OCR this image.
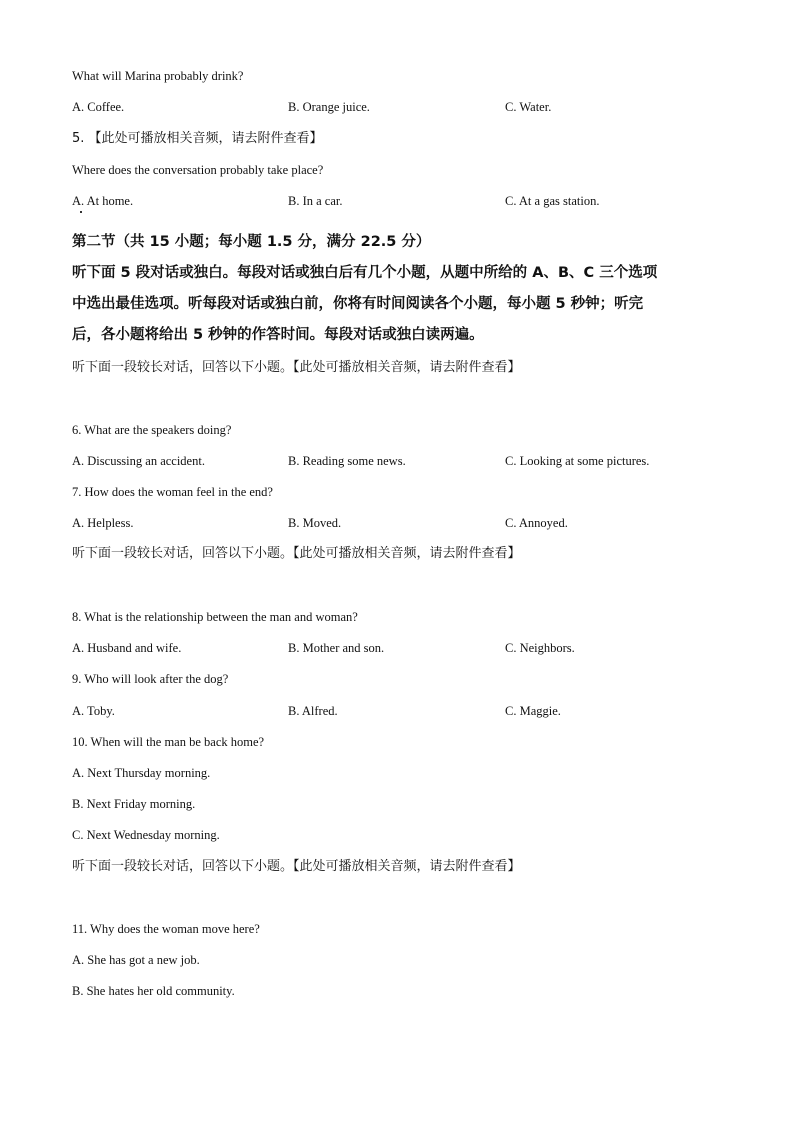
What will Marina probably drink?
A. Coffee.	B. Orange juice.	C. Water.
5. 【此处可播放相关音频，请去附件查看】
Where does the conversation probably take place?
A. At home.	B. In a car.	C. At a gas station.
第二节（共 15 小题；每小题 1.5 分，满分 22.5 分）
听下面 5 段对话或独白。每段对话或独白后有几个小题，从题中所给的 A、B、C 三个选项
中选出最佳选项。听每段对话或独白前，你将有时间阅读各个小题，每小题 5 秒钟；听完
后，各小题将给出 5 秒钟的作答时间。每段对话或独白读两遍。
听下面一段较长对话，回答以下小题。【此处可播放相关音频，请去附件查看】
6. What are the speakers doing?
A. Discussing an accident.	B. Reading some news.	C. Looking at some pictures.
7. How does the woman feel in the end?
A. Helpless.	B. Moved.	C. Annoyed.
听下面一段较长对话，回答以下小题。【此处可播放相关音频，请去附件查看】
8. What is the relationship between the man and woman?
A. Husband and wife.	B. Mother and son.	C. Neighbors.
9. Who will look after the dog?
A. Toby.	B. Alfred.	C. Maggie.
10. When will the man be back home?
A. Next Thursday morning.
B. Next Friday morning.
C. Next Wednesday morning.
听下面一段较长对话，回答以下小题。【此处可播放相关音频，请去附件查看】
11. Why does the woman move here?
A. She has got a new job.
B. She hates her old community.
